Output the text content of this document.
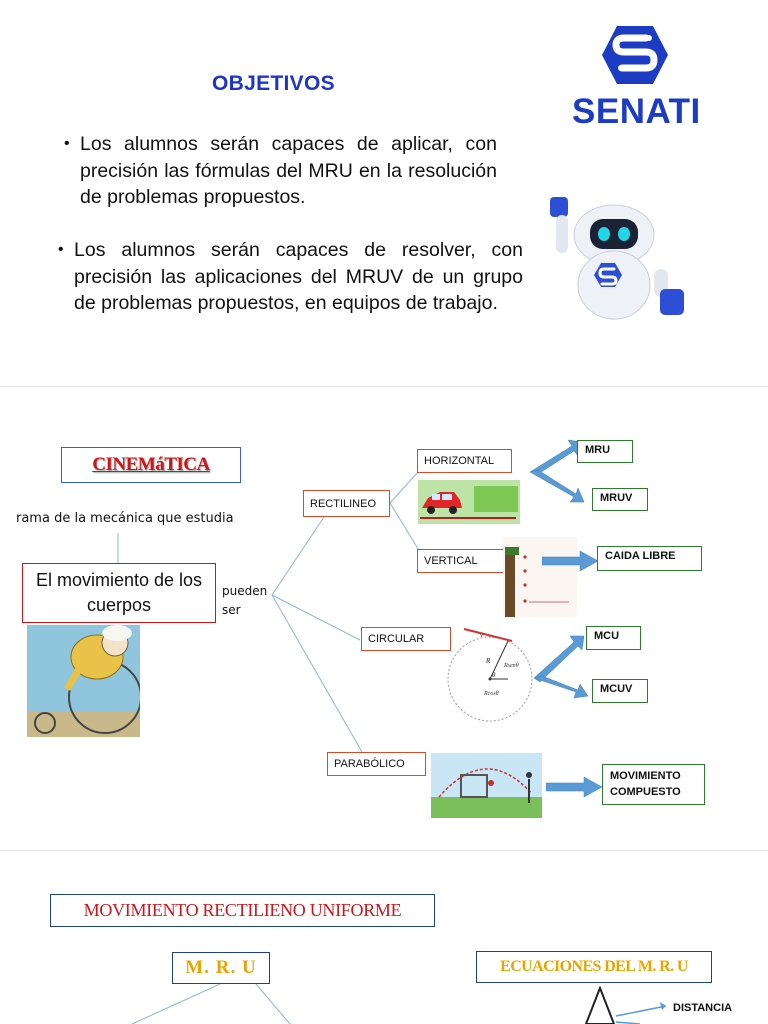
OBJETIVOS
• Los alumnos serán capaces de aplicar, con precisión las fórmulas del MRU en la resolución de problemas propuestos.
• Los alumnos serán capaces de resolver, con precisión las aplicaciones del MRUV de un grupo de problemas propuestos, en equipos de trabajo.
SENATI
CINEMáTICA
rama de la mecánica que estudia
El movimiento de los cuerpos
pueden ser
RECTILINEO
HORIZONTAL
VERTICAL
CIRCULAR
PARABÓLICO
v
R
Rsenθ
θ
Rcosθ
MRU
MRUV
CAIDA LIBRE
MCU
MCUV
MOVIMIENTO COMPUESTO
MOVIMIENTO RECTILIENO UNIFORME
M. R. U	ECUACIONES DEL M. R. U
DISTANCIA
